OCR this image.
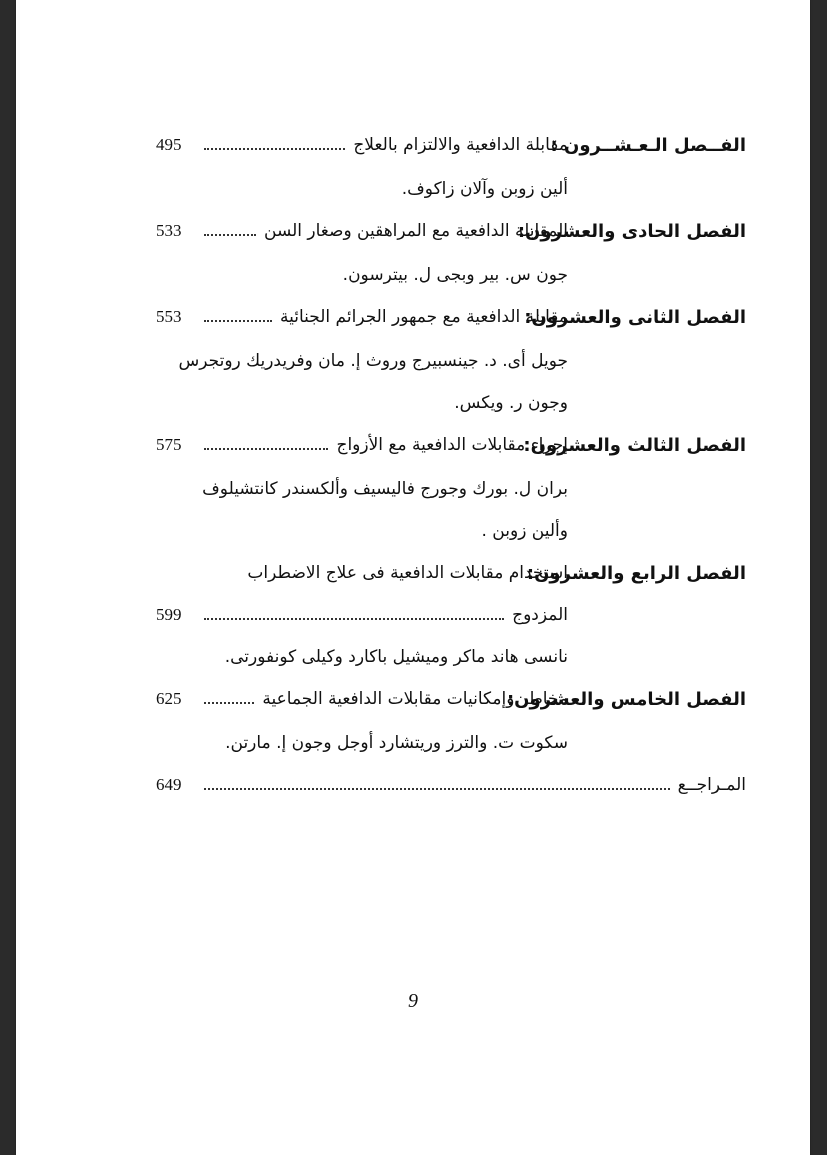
الفــصل الـعـشــرون :
مقابلة الدافعية والالتزام بالعلاج
495
ألين زوبن وآلان زاكوف.
الفصل الحادى والعشرون:
المقابلة الدافعية مع المراهقين وصغار السن
533
جون س. بير وبجى ل. بيترسون.
الفصل الثانى والعشرون:
مقابلة الدافعية مع جمهور الجرائم الجنائية
553
جويل أى. د. جينسبيرج وروث إ. مان وفريدريك روتجرس
وجون ر. ويكس.
الفصل الثالث والعشرون:
إجراء مقابلات الدافعية مع الأزواج
575
بران ل. بورك وجورج فاليسيف وألكسندر كانتشيلوف
وألين زوبن .
الفصل الرابع والعشرون:
استخدام مقابلات الدافعية فى علاج الاضطراب
المزدوج
599
نانسى هاند ماكر وميشيل باكارد وكيلى كونفورتى.
الفصل الخامس والعشرون:
مخاطر وإمكانيات مقابلات الدافعية الجماعية
625
سكوت ت. والترز وريتشارد أوجل وجون إ. مارتن.
المـراجــع
649
9
